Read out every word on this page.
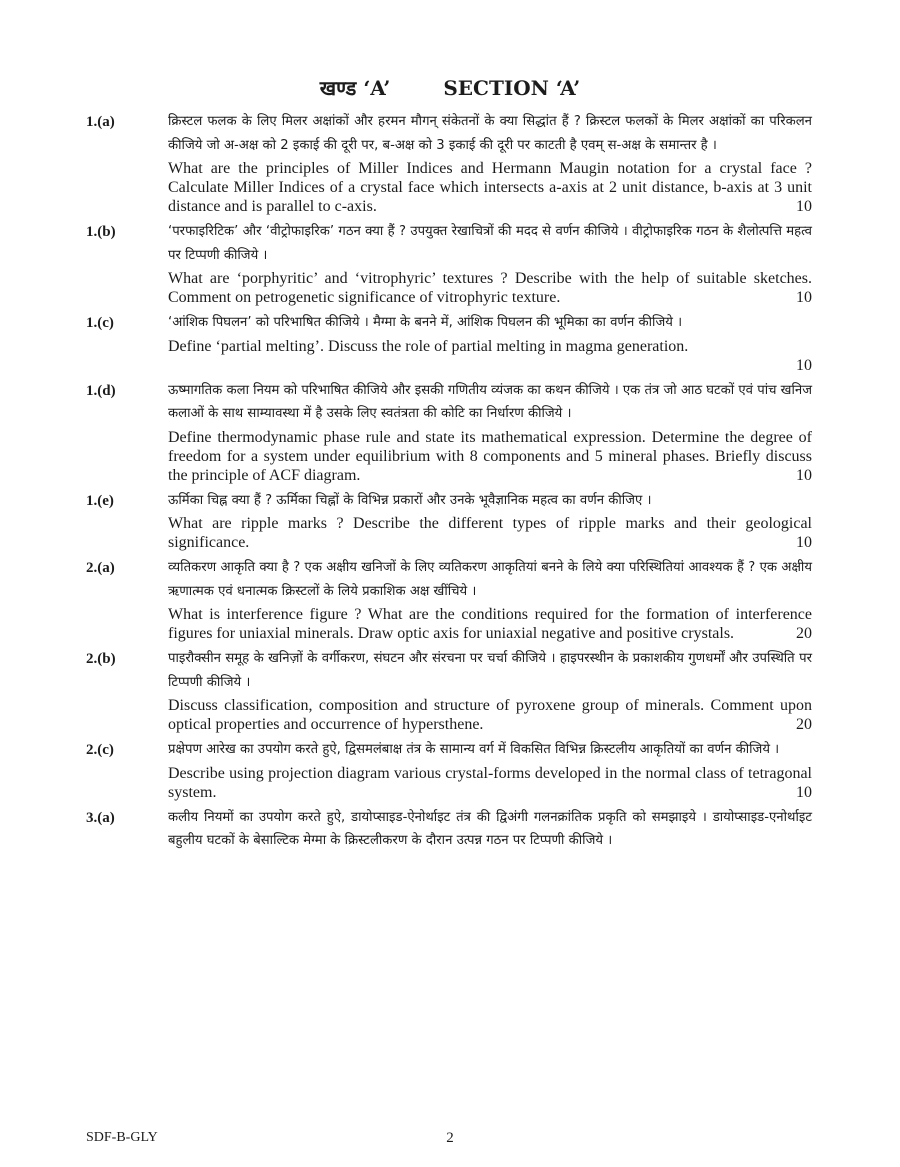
खण्ड ‘A’	SECTION ‘A’
1.(a)	क्रिस्टल फलक के लिए मिलर अक्षांकों और हरमन मौगन् संकेतनों के क्या सिद्धांत हैं ? क्रिस्टल फलकों के मिलर अक्षांकों का परिकलन कीजिये जो अ-अक्ष को 2 इकाई की दूरी पर, ब-अक्ष को 3 इकाई की दूरी पर काटती है एवम् स-अक्ष के समान्तर है ।

What are the principles of Miller Indices and Hermann Maugin notation for a crystal face ? Calculate Miller Indices of a crystal face which intersects a-axis at 2 unit distance, b-axis at 3 unit distance and is parallel to c-axis.	10

1.(b)	‘परफाइरिटिक’ और ‘वीट्रोफाइरिक’ गठन क्या हैं ? उपयुक्त रेखाचित्रों की मदद से वर्णन कीजिये । वीट्रोफाइरिक गठन के शैलोत्पत्ति महत्व पर टिप्पणी कीजिये ।

What are ‘porphyritic’ and ‘vitrophyric’ textures ? Describe with the help of suitable sketches. Comment on petrogenetic significance of vitrophyric texture.	10

1.(c)	‘आंशिक पिघलन’ को परिभाषित कीजिये । मैग्मा के बनने में, आंशिक पिघलन की भूमिका का वर्णन कीजिये ।

Define ‘partial melting’. Discuss the role of partial melting in magma generation.

10
1.(d)	ऊष्मागतिक कला नियम को परिभाषित कीजिये और इसकी गणितीय व्यंजक का कथन कीजिये । एक तंत्र जो आठ घटकों एवं पांच खनिज कलाओं के साथ साम्यावस्था में है उसके लिए स्वतंत्रता की कोटि का निर्धारण कीजिये ।

Define thermodynamic phase rule and state its mathematical expression. Determine the degree of freedom for a system under equilibrium with 8 components and 5 mineral phases. Briefly discuss the principle of ACF diagram.	10

1.(e)	ऊर्मिका चिह्न क्या हैं ? ऊर्मिका चिह्नों के विभिन्न प्रकारों और उनके भूवैज्ञानिक महत्व का वर्णन कीजिए ।

What are ripple marks ? Describe the different types of ripple marks and their geological significance.	10

2.(a)	व्यतिकरण आकृति क्या है ? एक अक्षीय खनिजों के लिए व्यतिकरण आकृतियां बनने के लिये क्या परिस्थितियां आवश्यक हैं ? एक अक्षीय ऋणात्मक एवं धनात्मक क्रिस्टलों के लिये प्रकाशिक अक्ष खींचिये ।

What is interference figure ? What are the conditions required for the formation of interference figures for uniaxial minerals. Draw optic axis for uniaxial negative and positive crystals.	20

2.(b)	पाइरौक्सीन समूह के खनिज़ों के वर्गीकरण, संघटन और संरचना पर चर्चा कीजिये । हाइपरस्थीन के प्रकाशकीय गुणधर्मों और उपस्थिति पर टिप्पणी कीजिये ।

Discuss classification, composition and structure of pyroxene group of minerals. Comment upon optical properties and occurrence of hypersthene.	20

2.(c)	प्रक्षेपण आरेख का उपयोग करते हुऐ, द्विसमलंबाक्ष तंत्र के सामान्य वर्ग में विकसित विभिन्न क्रिस्टलीय आकृतियों का वर्णन कीजिये ।

Describe using projection diagram various crystal-forms developed in the normal class of tetragonal system.	10

3.(a)	कलीय नियमों का उपयोग करते हुऐ, डायोप्साइड-ऐनोर्थाइट तंत्र की द्विअंगी गलनक्रांतिक प्रकृति को समझाइये । डायोप्साइड-एनोर्थाइट बहुलीय घटकों के बेसाल्टिक मेग्मा के क्रिस्टलीकरण के दौरान उत्पन्न गठन पर टिप्पणी कीजिये ।

SDF-B-GLY	2
